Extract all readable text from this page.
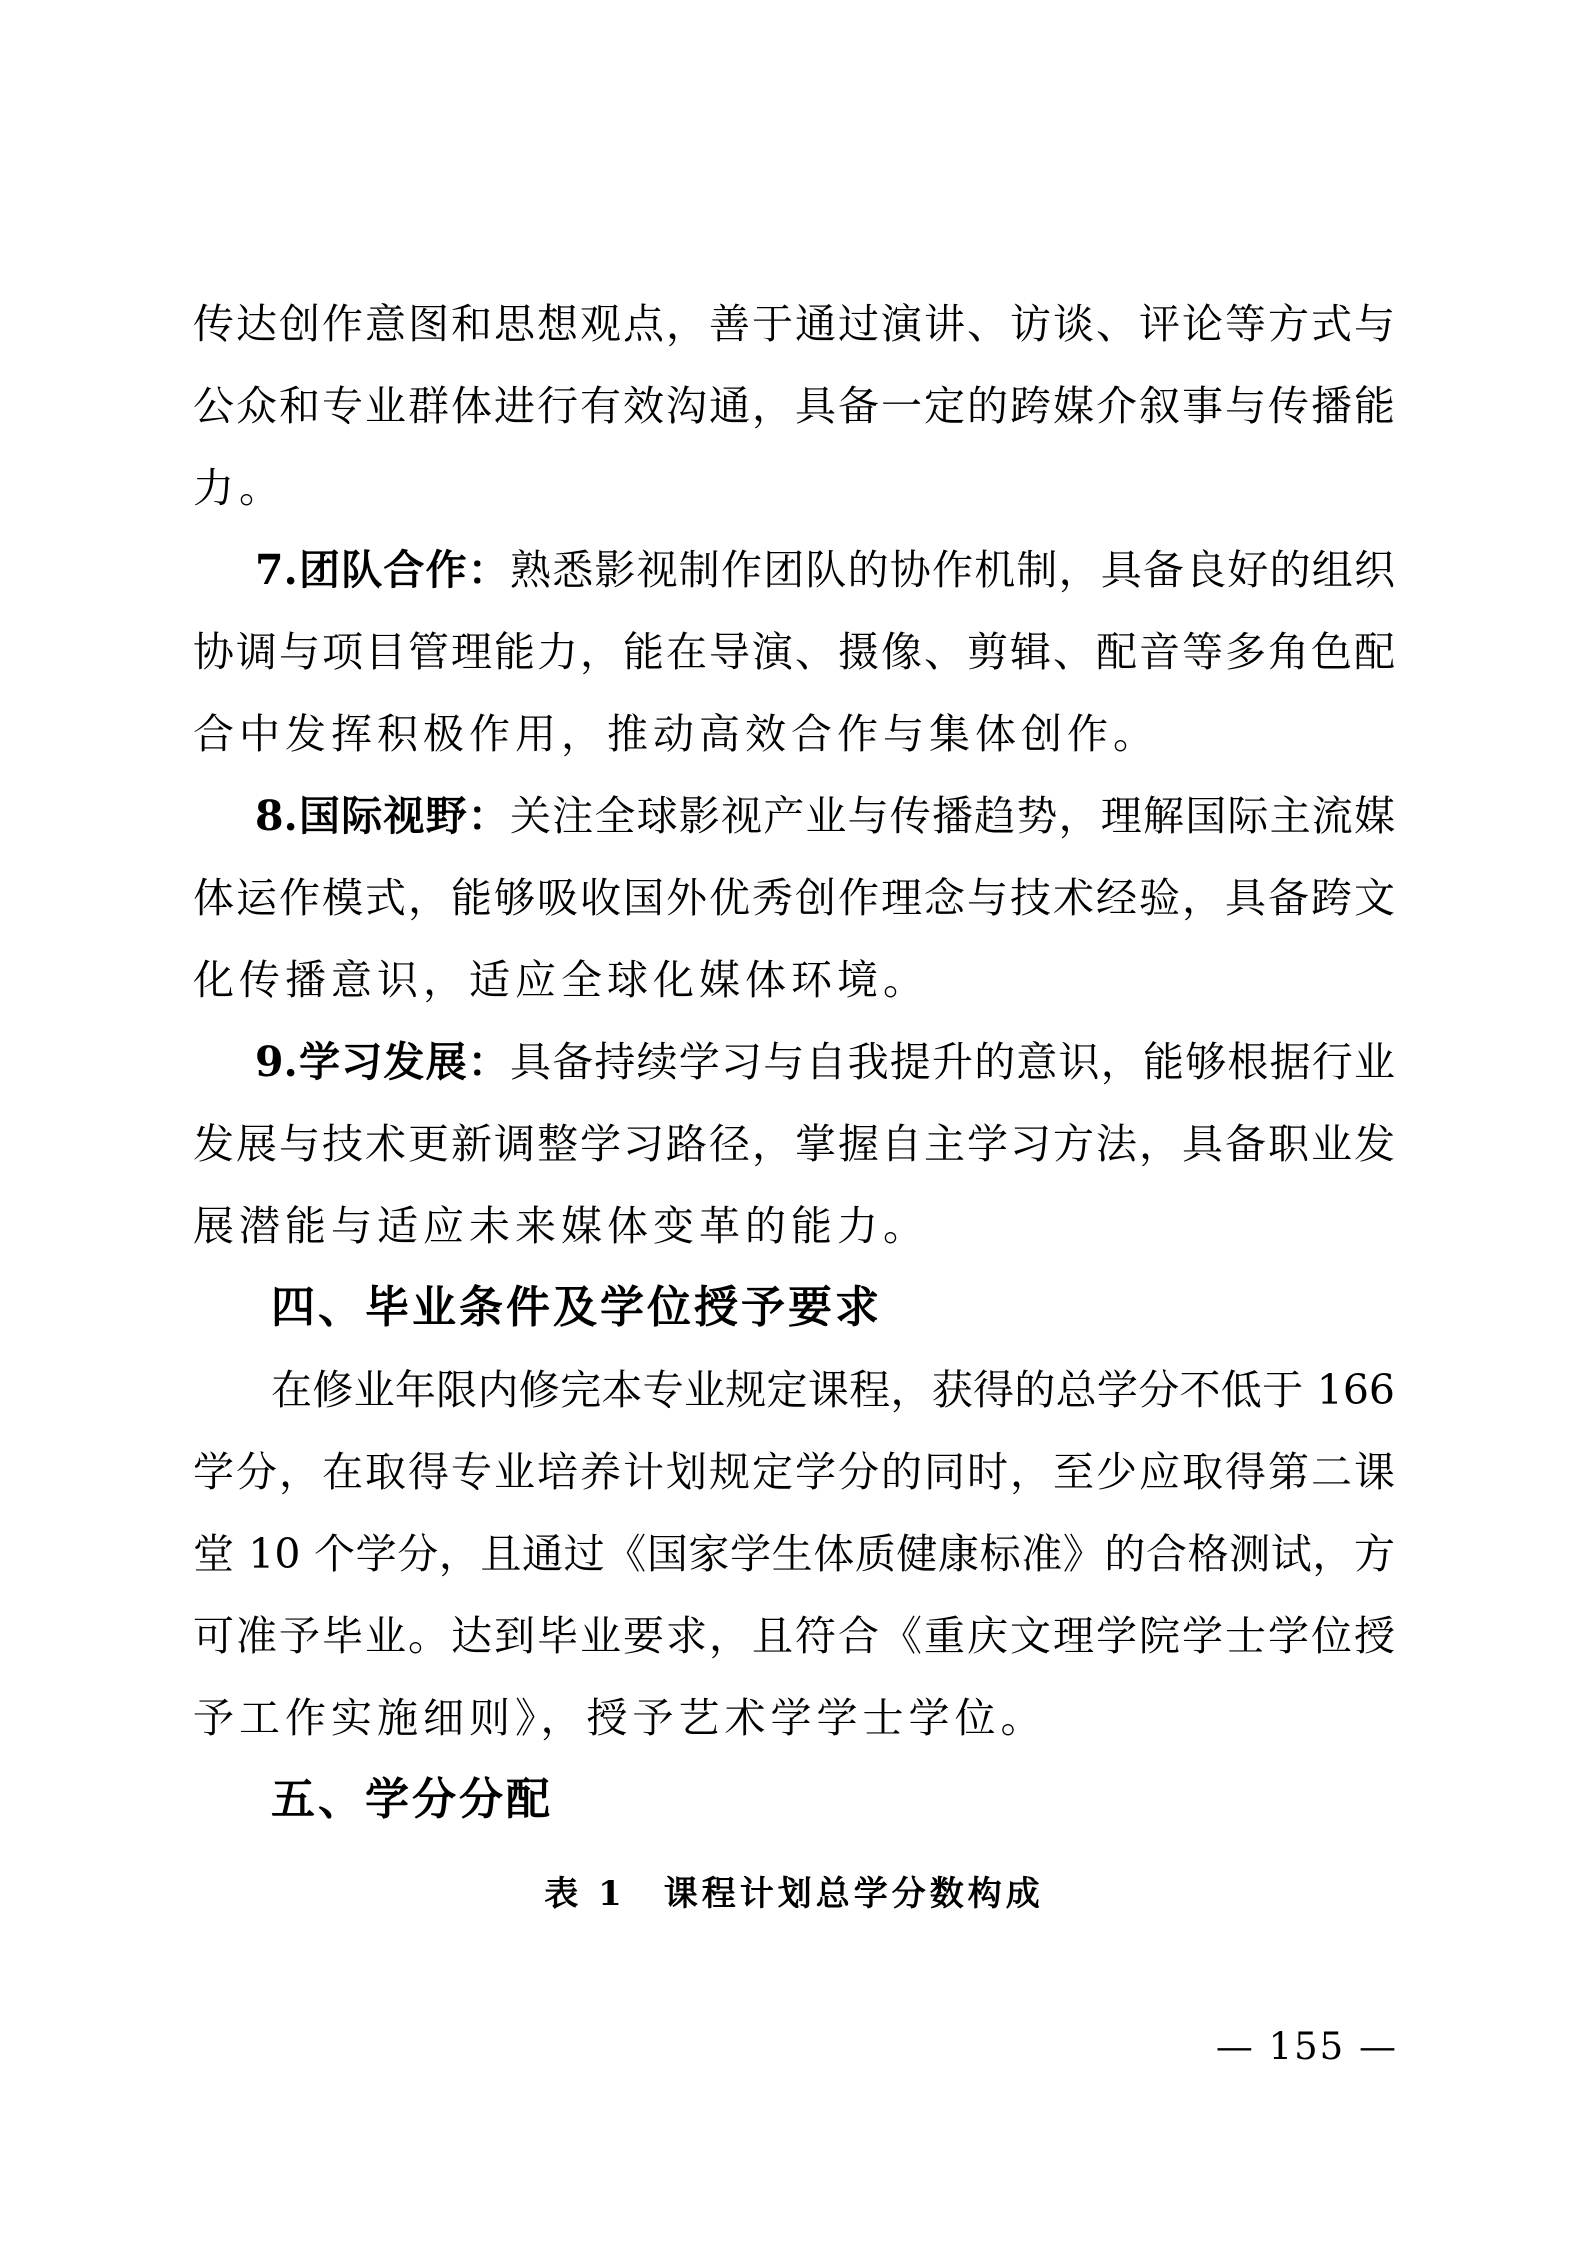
传达创作意图和思想观点，善于通过演讲、访谈、评论等方式与
公众和专业群体进行有效沟通，具备一定的跨媒介叙事与传播能
力。
7.团队合作：熟悉影视制作团队的协作机制，具备良好的组织
协调与项目管理能力，能在导演、摄像、剪辑、配音等多角色配
合中发挥积极作用，推动高效合作与集体创作。
8.国际视野：关注全球影视产业与传播趋势，理解国际主流媒
体运作模式，能够吸收国外优秀创作理念与技术经验，具备跨文
化传播意识，适应全球化媒体环境。
9.学习发展：具备持续学习与自我提升的意识，能够根据行业
发展与技术更新调整学习路径，掌握自主学习方法，具备职业发
展潜能与适应未来媒体变革的能力。
四、毕业条件及学位授予要求
在修业年限内修完本专业规定课程，获得的总学分不低于 166
学分，在取得专业培养计划规定学分的同时，至少应取得第二课
堂 10 个学分，且通过《国家学生体质健康标准》的合格测试，方
可准予毕业。达到毕业要求，且符合《重庆文理学院学士学位授
予工作实施细则》，授予艺术学学士学位。
五、学分分配
表 1　课程计划总学分数构成
— 155 —
